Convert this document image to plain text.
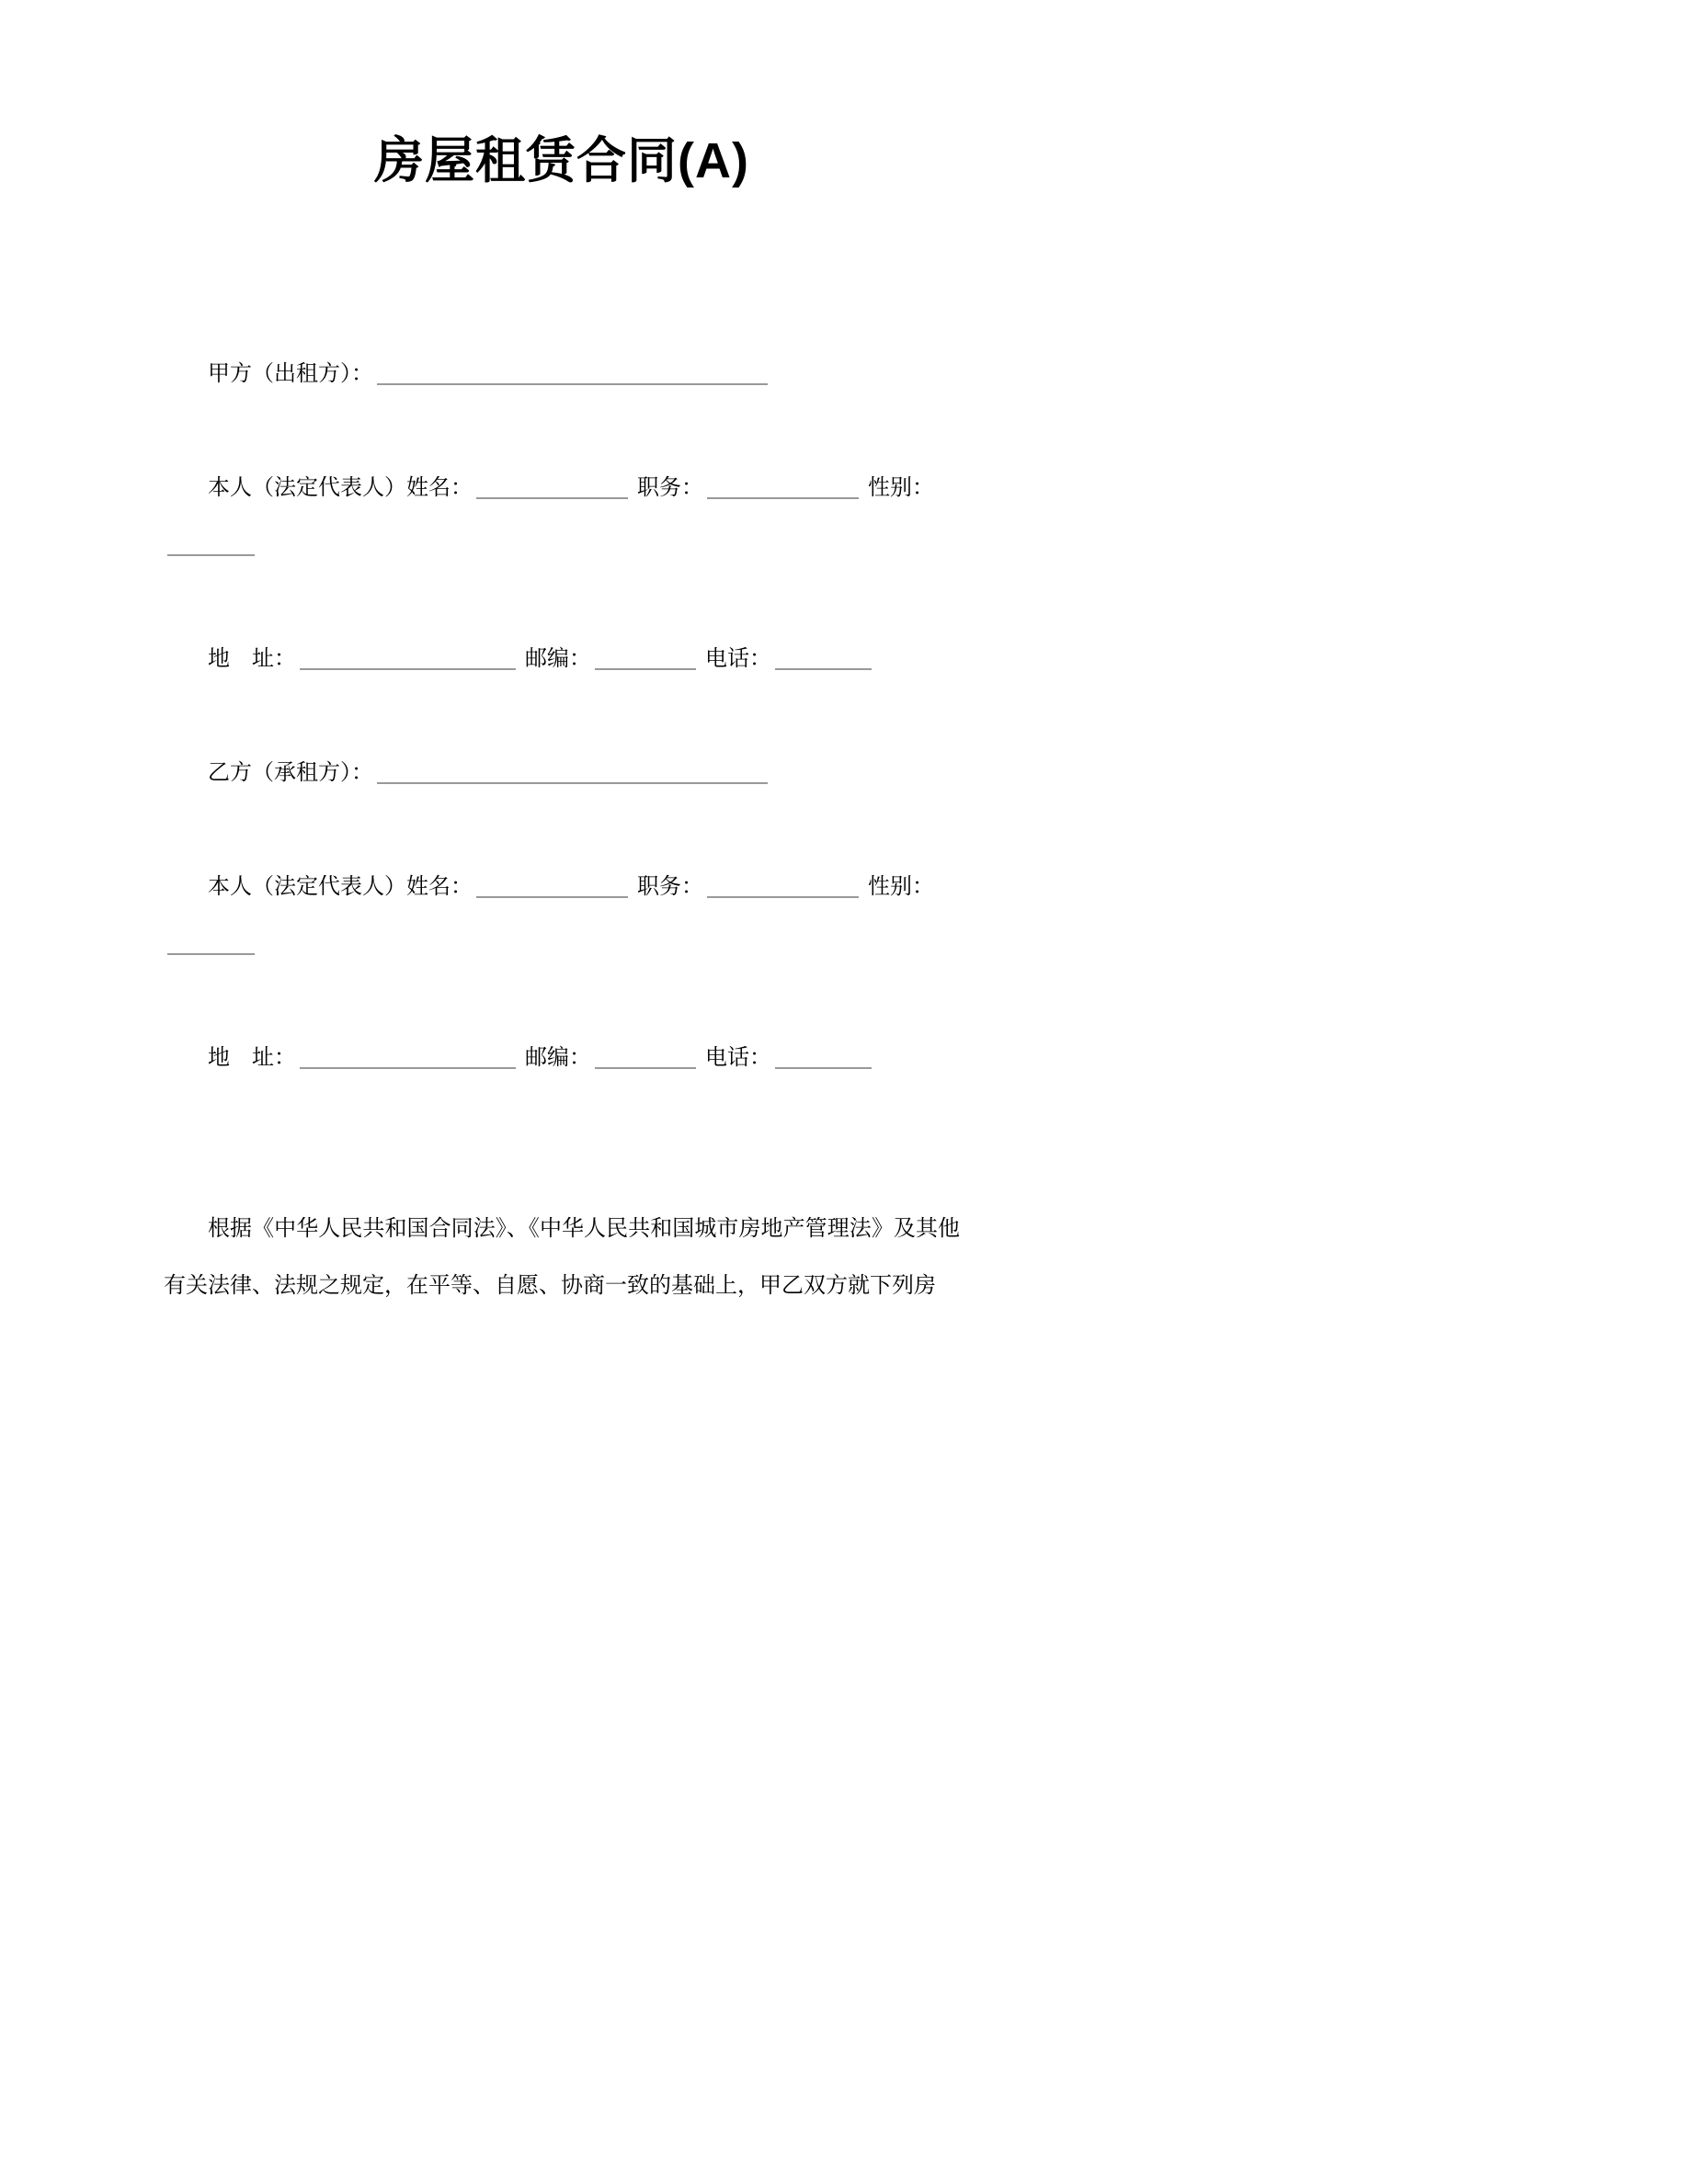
房屋租赁合同(A)
甲方（出租方）：
本人（法定代表人）姓名：	职务：	性别：

地　址：	邮编：	电话：
乙方（承租方）：
本人（法定代表人）姓名：	职务：	性别：

地　址：	邮编：	电话：
根据《中华人民共和国合同法》、《中华人民共和国城市房地产管理法》及其他有关法律、法规之规定，在平等、自愿、协商一致的基础上，甲乙双方就下列房
